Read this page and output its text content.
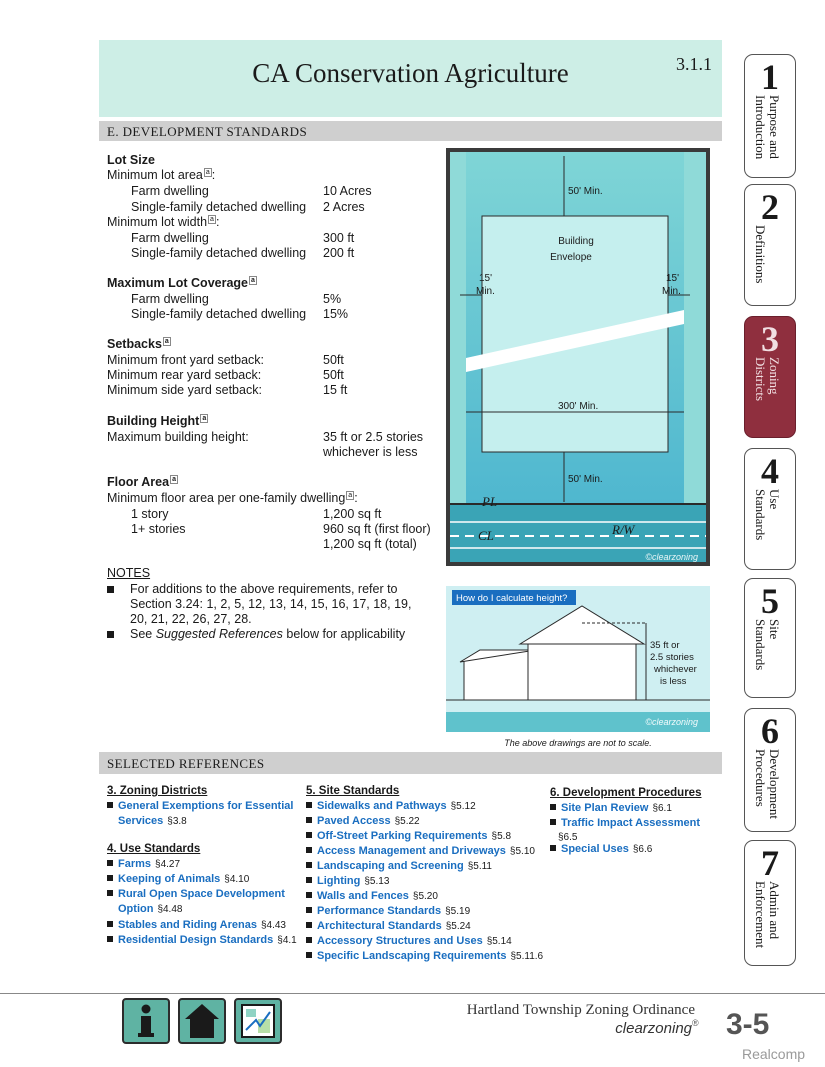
CA Conservation Agriculture	3.1.1
E. DEVELOPMENT STANDARDS
Lot Size
Minimum lot area $^a$ :
Farm dwelling	10 Acres
Single-family detached dwelling 2 Acres
Minimum lot width $^a$ :
Farm dwelling	300 ft
Single-family detached dwelling 200 ft
Maximum Lot Coverage $^a$
Farm dwelling	5%
Single-family detached dwelling 15%
Setbacks $^a$
Minimum front yard setback:	50ft
Minimum rear yard setback:	50ft
Minimum side yard setback:	15 ft
Building Height $^a$
Maximum building height:	35 ft or 2.5 stories
whichever is less
Floor Area $^a$
Minimum floor area per one-family dwelling $^a$ :
1 story	1,200 sq ft
1+ stories	960 sq ft (first floor)
1,200 sq ft (total)
NOTES
For additions to the above requirements, refer to
Section 3.24: 1, 2, 5, 12, 13, 14, 15, 16, 17, 18, 19,
20, 21, 22, 26, 27, 28.
See Suggested References below for applicability
50' Min.
Building
Envelope
15'
Min.
15'
Min.
300' Min.
50' Min.
PL
CL	R/W
©clearzoning
How do I calculate height?
35 ft or
2.5 stories
whichever
is less
©clearzoning
The above drawings are not to scale.
SELECTED REFERENCES
3. Zoning Districts
General Exemptions for Essential
Services §3.8
4. Use Standards
Farms §4.27
Keeping of Animals §4.10
Rural Open Space Development
Option §4.48
Stables and Riding Arenas §4.43
Residential Design Standards §4.1
5. Site Standards
Sidewalks and Pathways §5.12
Paved Access §5.22
Off-Street Parking Requirements §5.8
Access Management and Driveways §5.10
Landscaping and Screening §5.11
Lighting §5.13
Walls and Fences §5.20
Performance Standards §5.19
Architectural Standards §5.24
Accessory Structures and Uses §5.14
Specific Landscaping Requirements §5.11.6
6. Development Procedures
Site Plan Review §6.1
Traffic Impact Assessment
§6.5
Special Uses §6.6
1
Purpose and
Introduction
2
Definitions
3
Zoning
Districts
4
Use
Standards
5
Site
Standards
6
Development
Procedures
7
Admin and
Enforcement
Hartland Township Zoning Ordinance
clearzoning ® 3-5
Realcomp
